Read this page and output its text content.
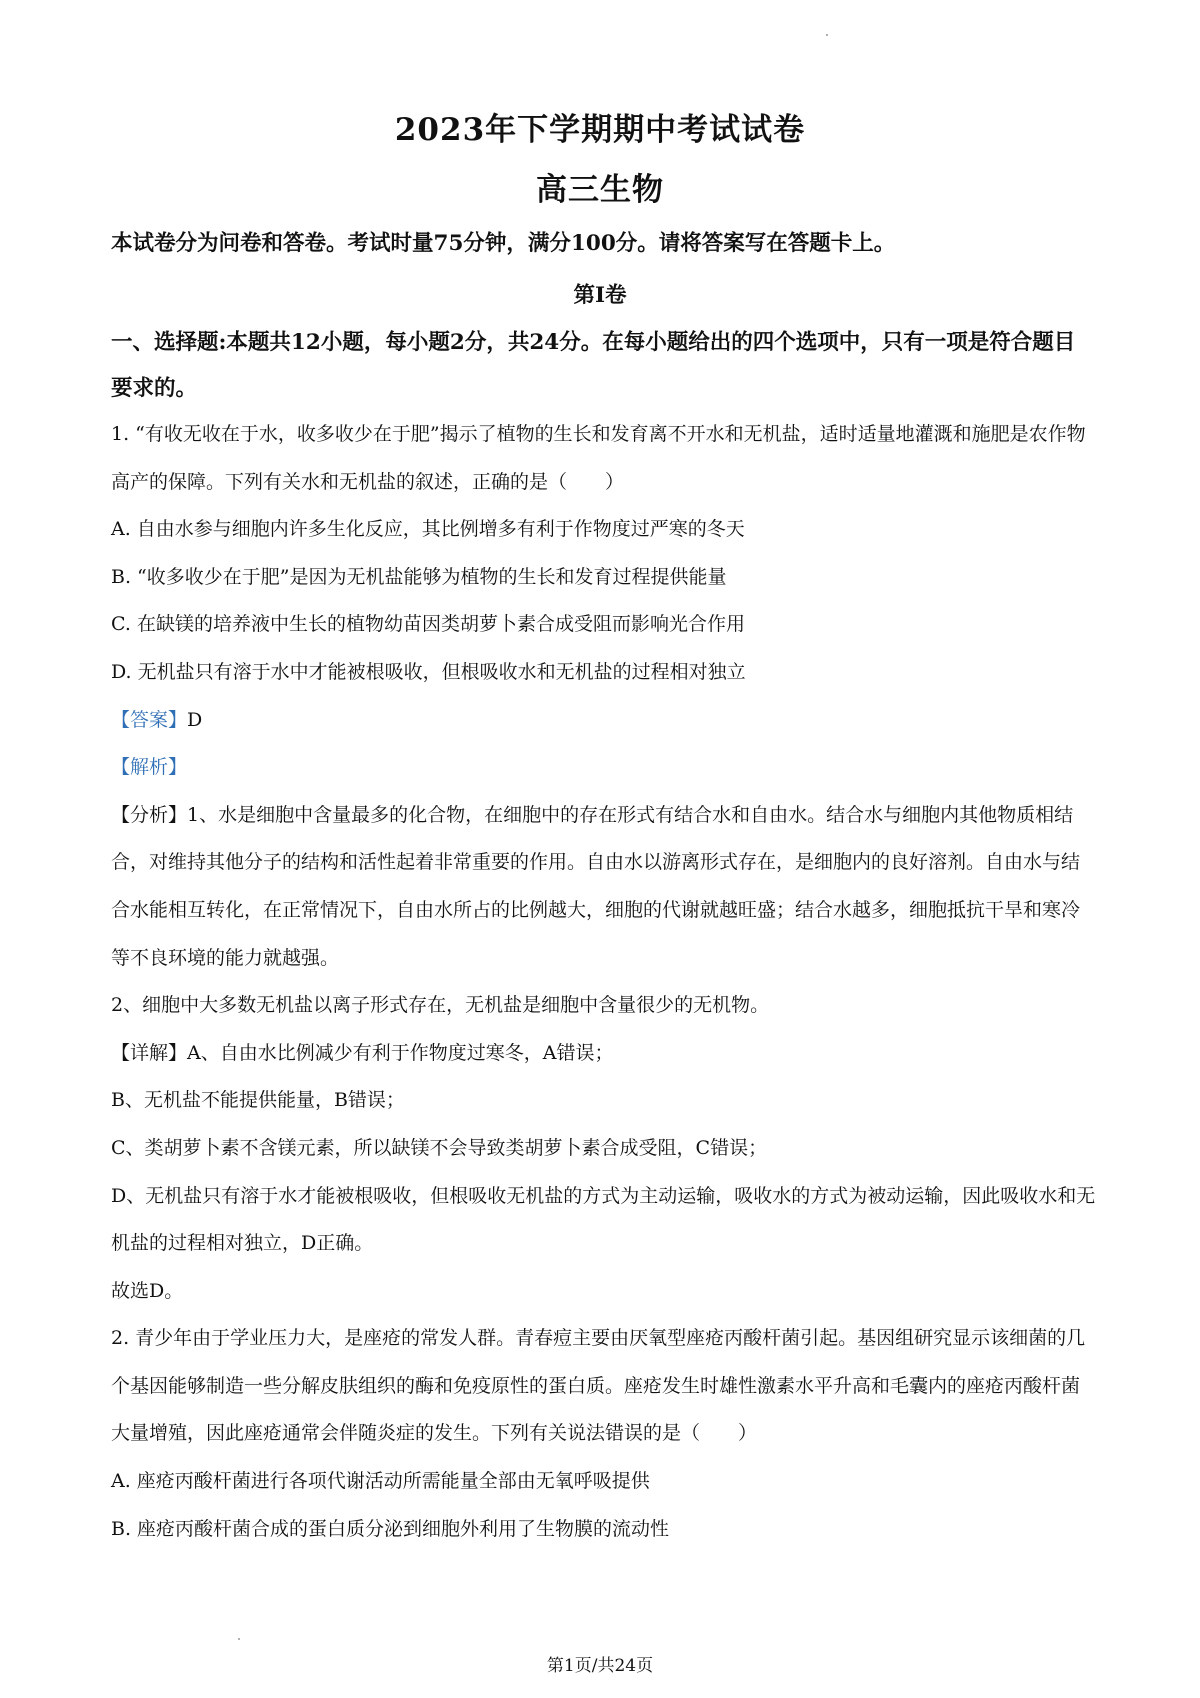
2023年下学期期中考试试卷
高三生物
本试卷分为问卷和答卷。考试时量75分钟，满分100分。请将答案写在答题卡上。
第I卷
一、选择题:本题共12小题，每小题2分，共24分。在每小题给出的四个选项中，只有一项是符合题目要求的。

1. “有收无收在于水，收多收少在于肥”揭示了植物的生长和发育离不开水和无机盐，适时适量地灌溉和施肥是农作物高产的保障。下列有关水和无机盐的叙述，正确的是（　　）

A. 自由水参与细胞内许多生化反应，其比例增多有利于作物度过严寒的冬天

B. “收多收少在于肥”是因为无机盐能够为植物的生长和发育过程提供能量

C. 在缺镁的培养液中生长的植物幼苗因类胡萝卜素合成受阻而影响光合作用

D. 无机盐只有溶于水中才能被根吸收，但根吸收水和无机盐的过程相对独立

【答案】D

【解析】

【分析】1、水是细胞中含量最多的化合物，在细胞中的存在形式有结合水和自由水。结合水与细胞内其他物质相结合，对维持其他分子的结构和活性起着非常重要的作用。自由水以游离形式存在，是细胞内的良好溶剂。自由水与结合水能相互转化，在正常情况下，自由水所占的比例越大，细胞的代谢就越旺盛；结合水越多，细胞抵抗干旱和寒冷等不良环境的能力就越强。

2、细胞中大多数无机盐以离子形式存在，无机盐是细胞中含量很少的无机物。

【详解】A、自由水比例减少有利于作物度过寒冬，A错误；

B、无机盐不能提供能量，B错误；

C、类胡萝卜素不含镁元素，所以缺镁不会导致类胡萝卜素合成受阻，C错误；

D、无机盐只有溶于水才能被根吸收，但根吸收无机盐的方式为主动运输，吸收水的方式为被动运输，因此吸收水和无机盐的过程相对独立，D正确。

故选D。

2. 青少年由于学业压力大，是座疮的常发人群。青春痘主要由厌氧型座疮丙酸杆菌引起。基因组研究显示该细菌的几个基因能够制造一些分解皮肤组织的酶和免疫原性的蛋白质。座疮发生时雄性激素水平升高和毛囊内的座疮丙酸杆菌大量增殖，因此座疮通常会伴随炎症的发生。下列有关说法错误的是（　　）

A. 座疮丙酸杆菌进行各项代谢活动所需能量全部由无氧呼吸提供

B. 座疮丙酸杆菌合成的蛋白质分泌到细胞外利用了生物膜的流动性

第1页/共24页
